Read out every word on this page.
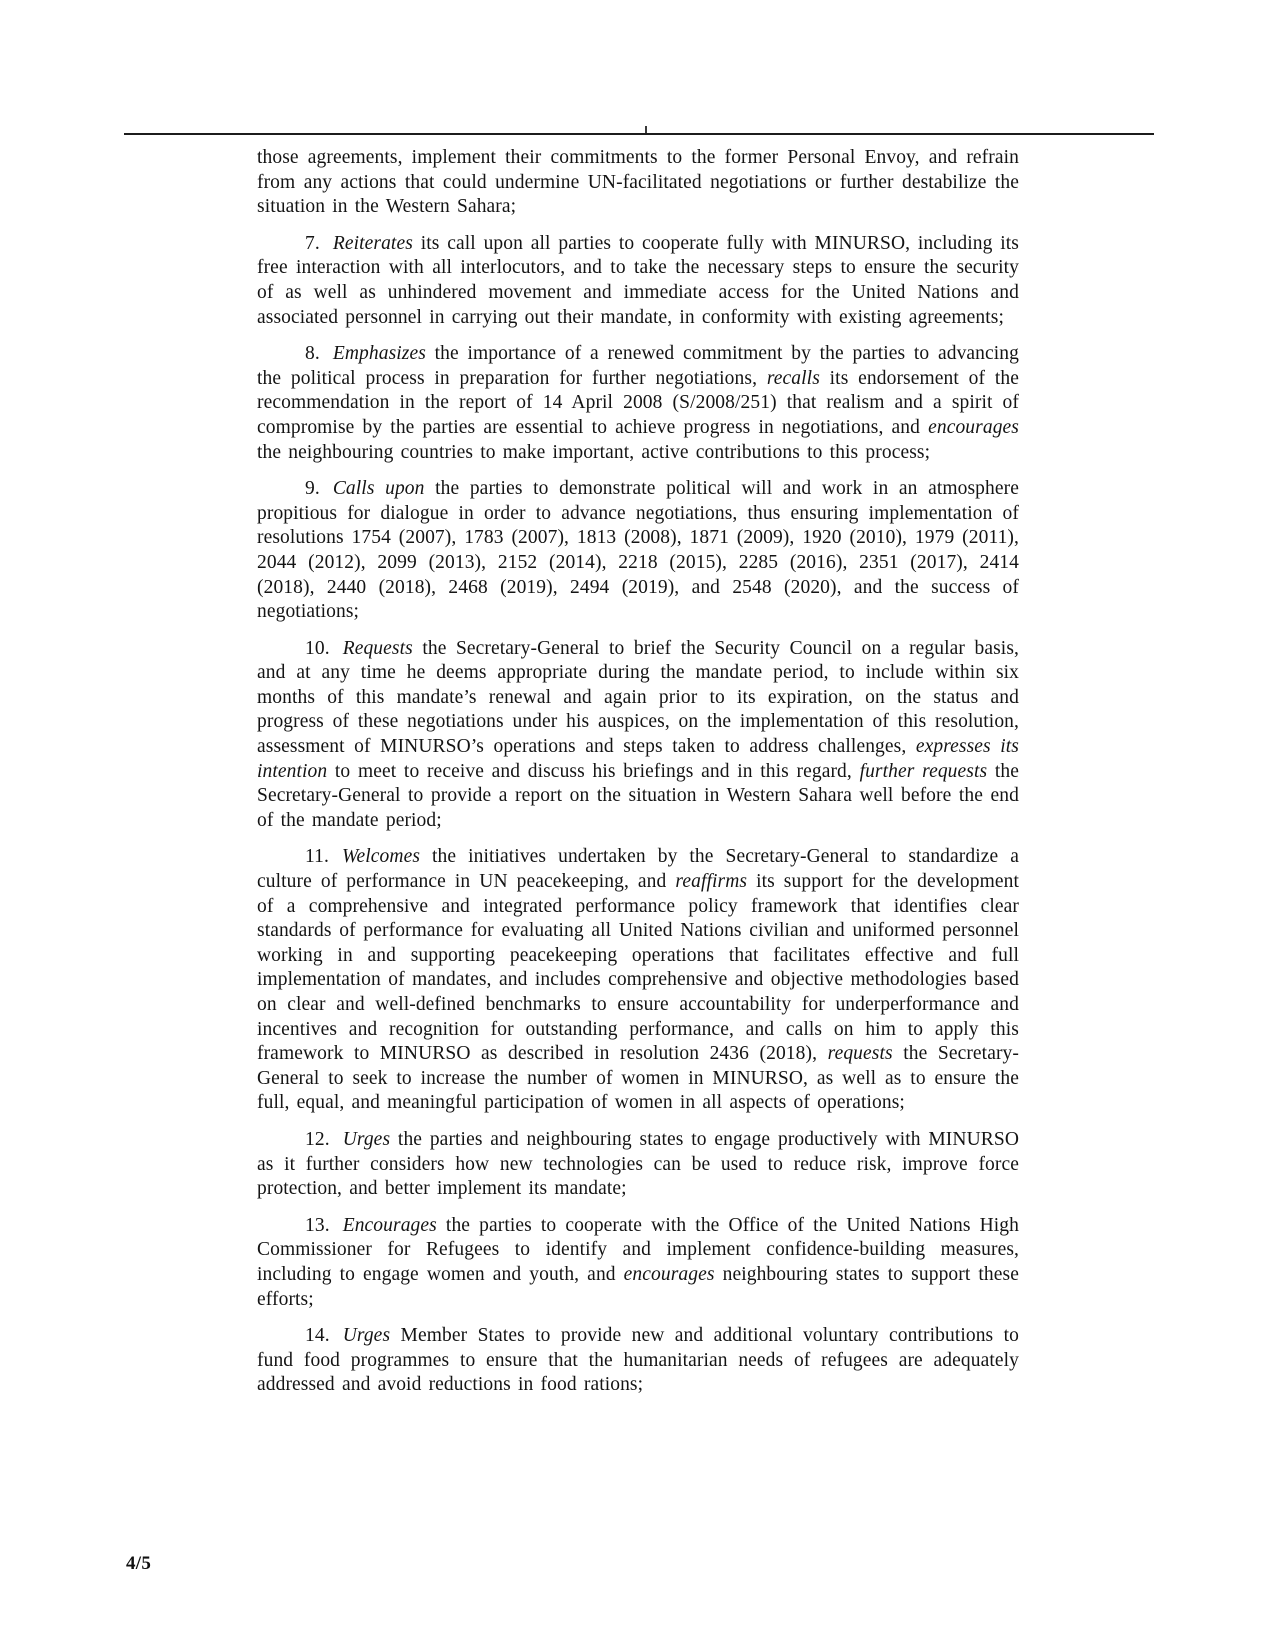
those agreements, implement their commitments to the former Personal Envoy, and refrain from any actions that could undermine UN-facilitated negotiations or further destabilize the situation in the Western Sahara;

7. Reiterates its call upon all parties to cooperate fully with MINURSO, including its free interaction with all interlocutors, and to take the necessary steps to ensure the security of as well as unhindered movement and immediate access for the United Nations and associated personnel in carrying out their mandate, in conformity with existing agreements;

8. Emphasizes the importance of a renewed commitment by the parties to advancing the political process in preparation for further negotiations, recalls its endorsement of the recommendation in the report of 14 April 2008 (S/2008/251) that realism and a spirit of compromise by the parties are essential to achieve progress in negotiations, and encourages the neighbouring countries to make important, active contributions to this process;

9. Calls upon the parties to demonstrate political will and work in an atmosphere propitious for dialogue in order to advance negotiations, thus ensuring implementation of resolutions 1754 (2007), 1783 (2007), 1813 (2008), 1871 (2009), 1920 (2010), 1979 (2011), 2044 (2012), 2099 (2013), 2152 (2014), 2218 (2015), 2285 (2016), 2351 (2017), 2414 (2018), 2440 (2018), 2468 (2019), 2494 (2019), and 2548 (2020), and the success of negotiations;

10. Requests the Secretary-General to brief the Security Council on a regular basis, and at any time he deems appropriate during the mandate period, to include within six months of this mandate’s renewal and again prior to its expiration, on the status and progress of these negotiations under his auspices, on the implementation of this resolution, assessment of MINURSO’s operations and steps taken to address challenges, expresses its intention to meet to receive and discuss his briefings and in this regard, further requests the Secretary-General to provide a report on the situation in Western Sahara well before the end of the mandate period;

11. Welcomes the initiatives undertaken by the Secretary-General to standardize a culture of performance in UN peacekeeping, and reaffirms its support for the development of a comprehensive and integrated performance policy framework that identifies clear standards of performance for evaluating all United Nations civilian and uniformed personnel working in and supporting peacekeeping operations that facilitates effective and full implementation of mandates, and includes comprehensive and objective methodologies based on clear and well-defined benchmarks to ensure accountability for underperformance and incentives and recognition for outstanding performance, and calls on him to apply this framework to MINURSO as described in resolution 2436 (2018), requests the Secretary-General to seek to increase the number of women in MINURSO, as well as to ensure the full, equal, and meaningful participation of women in all aspects of operations;

12. Urges the parties and neighbouring states to engage productively with MINURSO as it further considers how new technologies can be used to reduce risk, improve force protection, and better implement its mandate;

13. Encourages the parties to cooperate with the Office of the United Nations High Commissioner for Refugees to identify and implement confidence-building measures, including to engage women and youth, and encourages neighbouring states to support these efforts;

14. Urges Member States to provide new and additional voluntary contributions to fund food programmes to ensure that the humanitarian needs of refugees are adequately addressed and avoid reductions in food rations;

4/5
